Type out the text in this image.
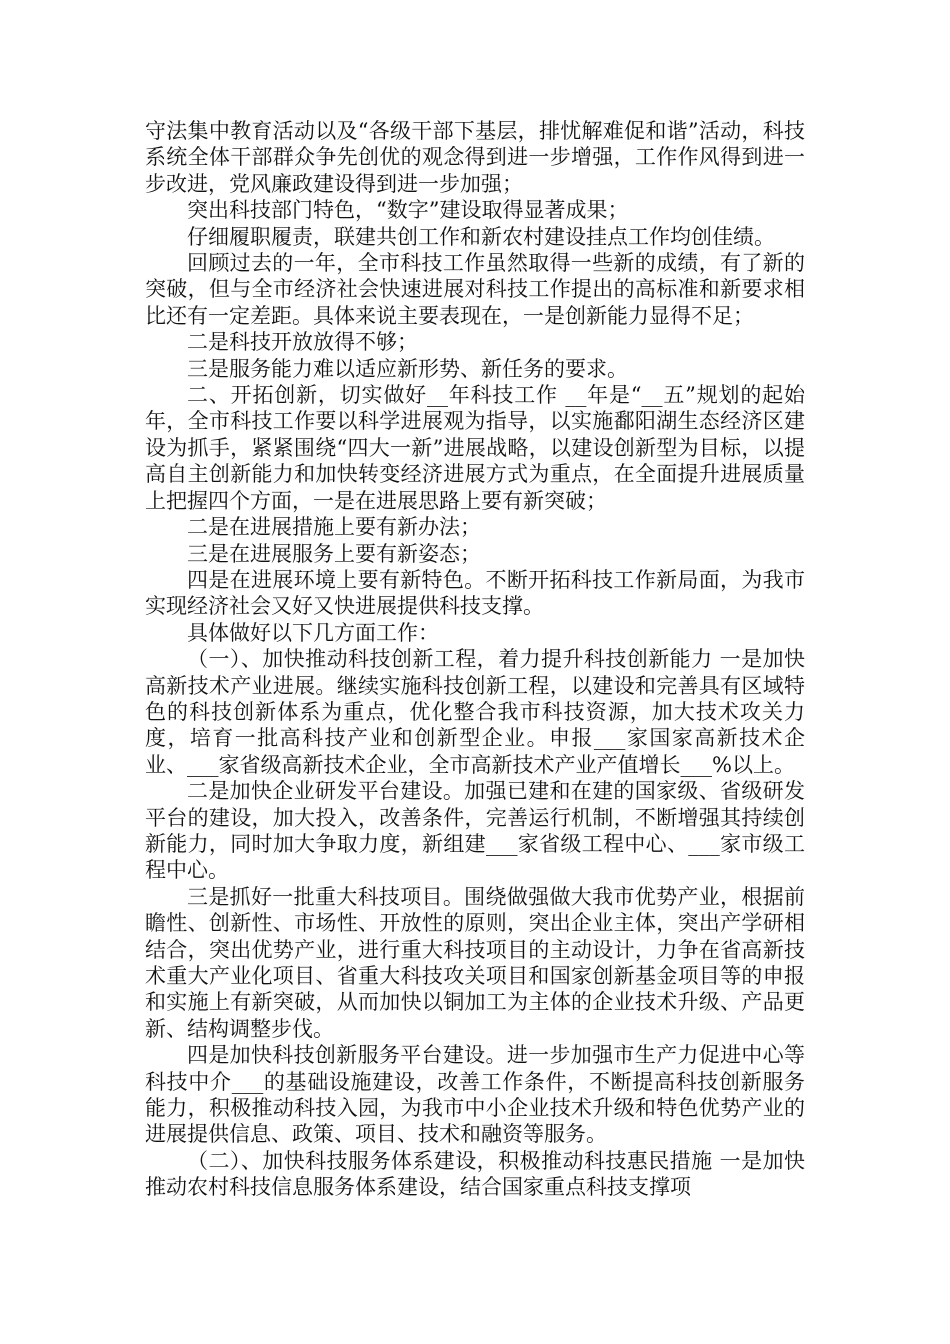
守法集中教育活动以及“各级干部下基层，排忧解难促和谐”活动，科技系统全体干部群众争先创优的观念得到进一步增强，工作作风得到进一步改进，党风廉政建设得到进一步加强；

突出科技部门特色，“数字”建设取得显著成果；

仔细履职履责，联建共创工作和新农村建设挂点工作均创佳绩。

回顾过去的一年，全市科技工作虽然取得一些新的成绩，有了新的突破，但与全市经济社会快速进展对科技工作提出的高标准和新要求相比还有一定差距。具体来说主要表现在，一是创新能力显得不足；

二是科技开放放得不够；

三是服务能力难以适应新形势、新任务的要求。

二、开拓创新，切实做好__年科技工作 __年是“__五”规划的起始年，全市科技工作要以科学进展观为指导，以实施鄱阳湖生态经济区建设为抓手，紧紧围绕“四大一新”进展战略，以建设创新型为目标，以提高自主创新能力和加快转变经济进展方式为重点，在全面提升进展质量上把握四个方面，一是在进展思路上要有新突破；

二是在进展措施上要有新办法；

三是在进展服务上要有新姿态；

四是在进展环境上要有新特色。不断开拓科技工作新局面，为我市实现经济社会又好又快进展提供科技支撑。

具体做好以下几方面工作：

（一）、加快推动科技创新工程，着力提升科技创新能力 一是加快高新技术产业进展。继续实施科技创新工程，以建设和完善具有区域特色的科技创新体系为重点，优化整合我市科技资源，加大技术攻关力度，培育一批高科技产业和创新型企业。申报___家国家高新技术企业、___家省级高新技术企业，全市高新技术产业产值增长___%以上。

二是加快企业研发平台建设。加强已建和在建的国家级、省级研发平台的建设，加大投入，改善条件，完善运行机制，不断增强其持续创新能力，同时加大争取力度，新组建___家省级工程中心、___家市级工程中心。

三是抓好一批重大科技项目。围绕做强做大我市优势产业，根据前瞻性、创新性、市场性、开放性的原则，突出企业主体，突出产学研相结合，突出优势产业，进行重大科技项目的主动设计，力争在省高新技术重大产业化项目、省重大科技攻关项目和国家创新基金项目等的申报和实施上有新突破，从而加快以铜加工为主体的企业技术升级、产品更新、结构调整步伐。

四是加快科技创新服务平台建设。进一步加强市生产力促进中心等科技中介___的基础设施建设，改善工作条件，不断提高科技创新服务能力，积极推动科技入园，为我市中小企业技术升级和特色优势产业的进展提供信息、政策、项目、技术和融资等服务。

（二）、加快科技服务体系建设，积极推动科技惠民措施 一是加快推动农村科技信息服务体系建设，结合国家重点科技支撑项
